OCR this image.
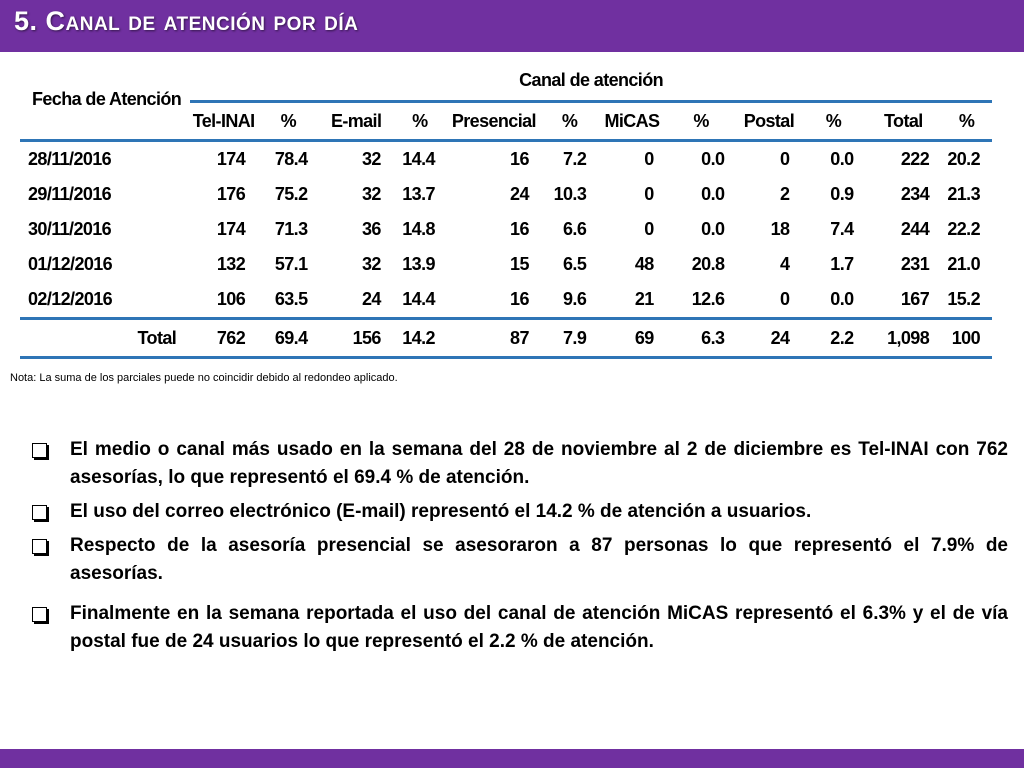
5. Canal de atención por día
Fecha de Atención	Canal de atención											
	Tel-INAI	%	E-mail	%	Presencial	%	MiCAS	%	Postal	%	Total	%
28/11/2016	174	78.4	32	14.4	16	7.2	0	0.0	0	0.0	222	20.2
29/11/2016	176	75.2	32	13.7	24	10.3	0	0.0	2	0.9	234	21.3
30/11/2016	174	71.3	36	14.8	16	6.6	0	0.0	18	7.4	244	22.2
01/12/2016	132	57.1	32	13.9	15	6.5	48	20.8	4	1.7	231	21.0
02/12/2016	106	63.5	24	14.4	16	9.6	21	12.6	0	0.0	167	15.2
Total	762	69.4	156	14.2	87	7.9	69	6.3	24	2.2	1,098	100
Nota: La suma de los parciales puede no coincidir debido al redondeo aplicado.
El medio o canal más usado en la semana del 28 de noviembre al 2 de diciembre es Tel-INAI con 762 asesorías, lo que representó el 69.4 % de atención.
El uso del correo electrónico (E-mail) representó el 14.2 % de atención a usuarios.
Respecto de la asesoría presencial se asesoraron a 87 personas lo que representó el 7.9% de asesorías.
Finalmente en la semana reportada el uso del canal de atención MiCAS representó el 6.3% y el de vía postal fue de 24 usuarios lo que representó el 2.2 % de atención.
